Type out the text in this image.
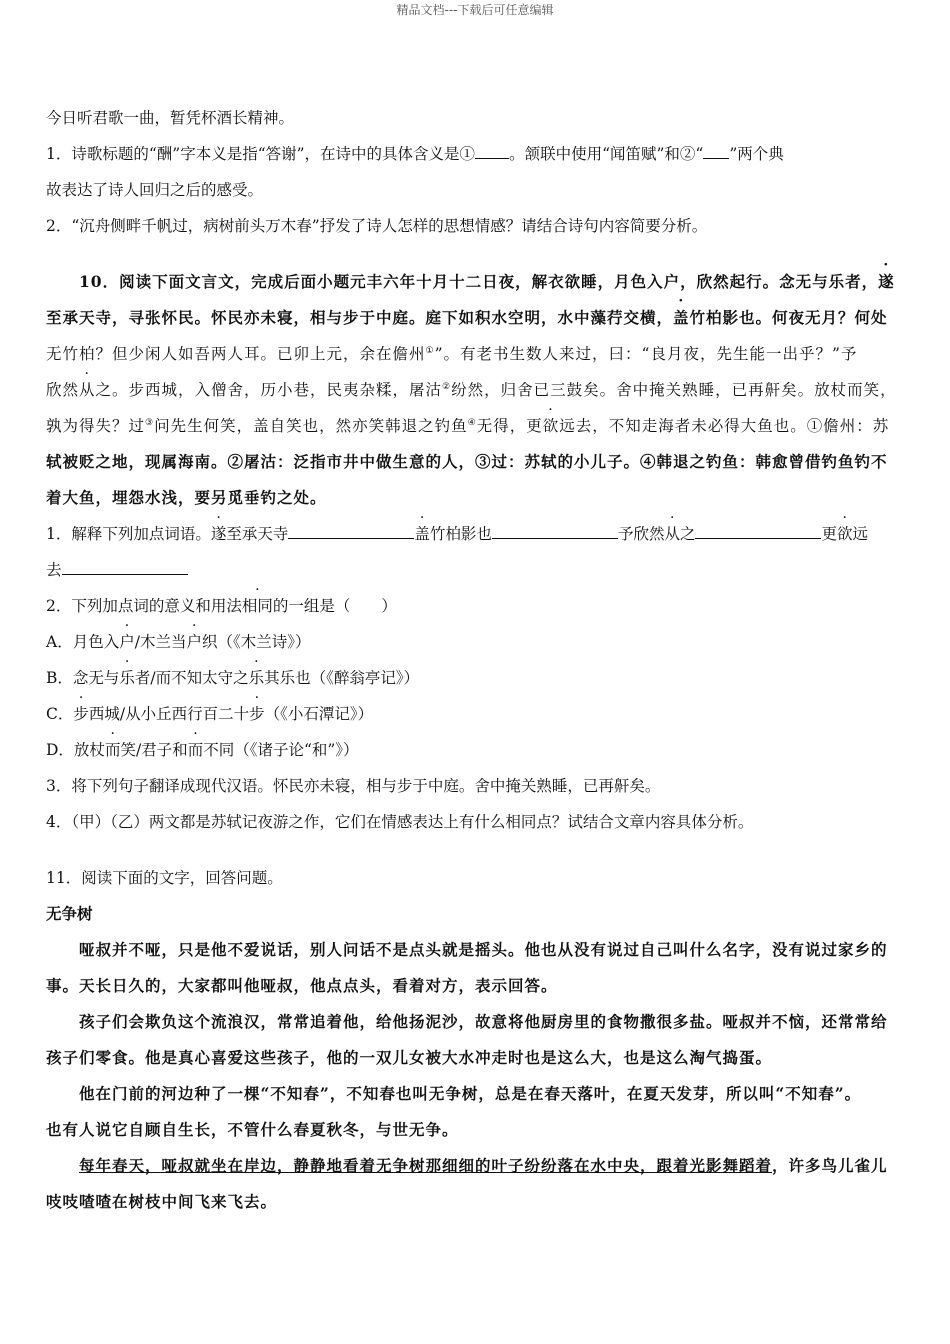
精品文档---下载后可任意编辑
今日听君歌一曲，暂凭杯酒长精神。
1．诗歌标题的“酬”字本义是指“答谢”，在诗中的具体含义是① 。颔联中使用“闻笛赋”和②“ ”两个典
故表达了诗人回归之后的感受。
2．“沉舟侧畔千帆过，病树前头万木春”抒发了诗人怎样的思想情感？请结合诗句内容简要分析。
10．阅读下面文言文，完成后面小题元丰六年十月十二日夜，解衣欲睡，月色入户，欣然起行。念无与乐者，遂
至承天寺，寻张怀民。怀民亦未寝，相与步于中庭。庭下如积水空明，水中藻荇交横，盖竹柏影也。何夜无月？何处
无竹柏？但少闲人如吾两人耳。已卯上元，余在儋州①”。有老书生数人来过，曰：“良月夜，先生能一出乎？”予
欣然从之。步西城，入僧舍，历小巷，民夷杂糅，屠沽②纷然，归舍已三鼓矣。舍中掩关熟睡，已再鼾矣。放杖而笑，
孰为得失？过③问先生何笑，盖自笑也，然亦笑韩退之钓鱼④无得，更欲远去，不知走海者未必得大鱼也。①儋州：苏
轼被贬之地，现属海南。②屠沽：泛指市井中做生意的人，③过：苏轼的小儿子。④韩退之钓鱼：韩愈曾借钓鱼钓不
着大鱼，埋怨水浅，要另觅垂钓之处。
1．解释下列加点词语。遂至承天寺	盖竹柏影也	予欣然从之	更欲远
去
2．下列加点词的意义和用法相同的一组是（　　）
A．月色入户/木兰当户织（《木兰诗》）
B．念无与乐者/而不知太守之乐其乐也（《醉翁亭记》）
C．步西城/从小丘西行百二十步（《小石潭记》）
D．放杖而笑/君子和而不同（《诸子论“和”》）
3．将下列句子翻译成现代汉语。怀民亦未寝，相与步于中庭。舍中掩关熟睡，已再鼾矣。
4．（甲）（乙）两文都是苏轼记夜游之作，它们在情感表达上有什么相同点？试结合文章内容具体分析。
11．阅读下面的文字，回答问题。
无争树
哑叔并不哑，只是他不爱说话，别人问话不是点头就是摇头。他也从没有说过自己叫什么名字，没有说过家乡的
事。天长日久的，大家都叫他哑叔，他点点头，看着对方，表示回答。
孩子们会欺负这个流浪汉，常常追着他，给他扬泥沙，故意将他厨房里的食物撒很多盐。哑叔并不恼，还常常给
孩子们零食。他是真心喜爱这些孩子，他的一双儿女被大水冲走时也是这么大，也是这么淘气捣蛋。
他在门前的河边种了一棵“不知春”，不知春也叫无争树，总是在春天落叶，在夏天发芽，所以叫“不知春”。
也有人说它自顾自生长，不管什么春夏秋冬，与世无争。
每年春天，哑叔就坐在岸边，静静地看着无争树那细细的叶子纷纷落在水中央，跟着光影舞蹈着，许多鸟儿雀儿
吱吱喳喳在树枝中间飞来飞去。
